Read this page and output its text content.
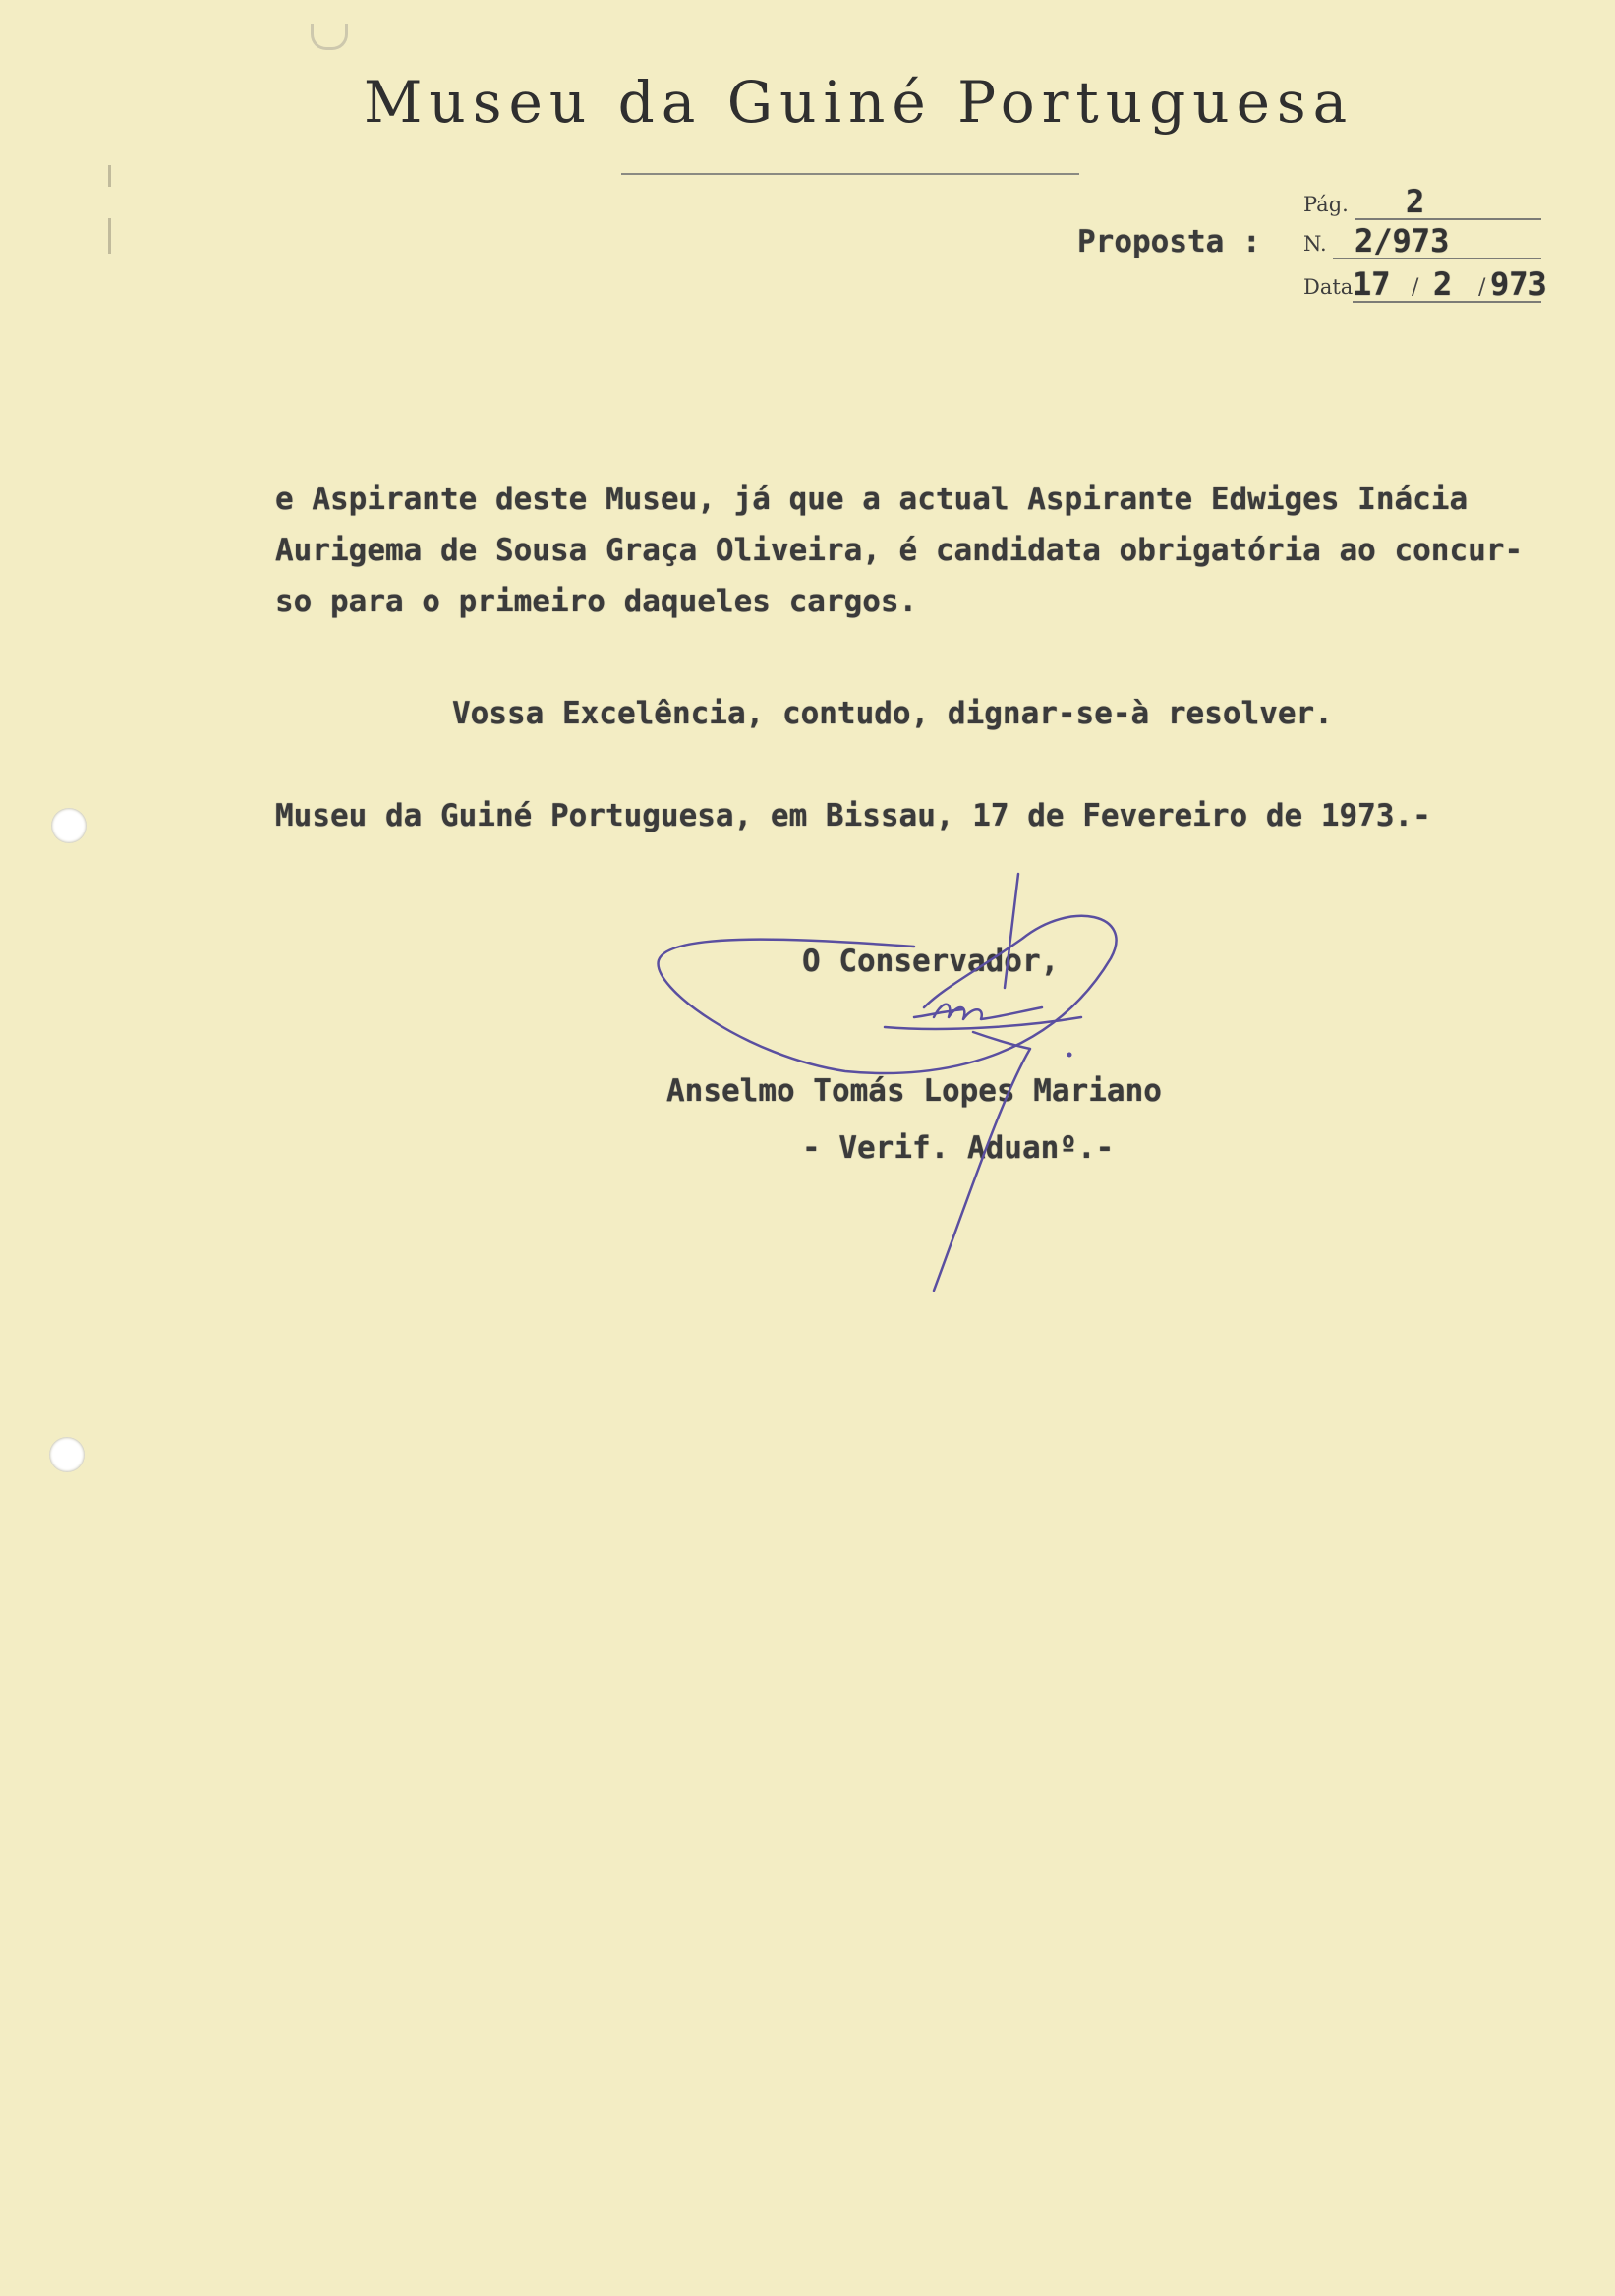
Museu da Guiné Portuguesa
Pág. 2
Proposta : N. 2/973
Data 17 / 2 / 973
e Aspirante deste Museu, já que a actual Aspirante Edwiges Inácia
Aurigema de Sousa Graça Oliveira, é candidata obrigatória ao concur-
so para o primeiro daqueles cargos.
Vossa Excelência, contudo, dignar-se-à resolver.
Museu da Guiné Portuguesa, em Bissau, 17 de Fevereiro de 1973.-
O Conservador,
Anselmo Tomás Lopes Mariano
- Verif. Aduanº.-
